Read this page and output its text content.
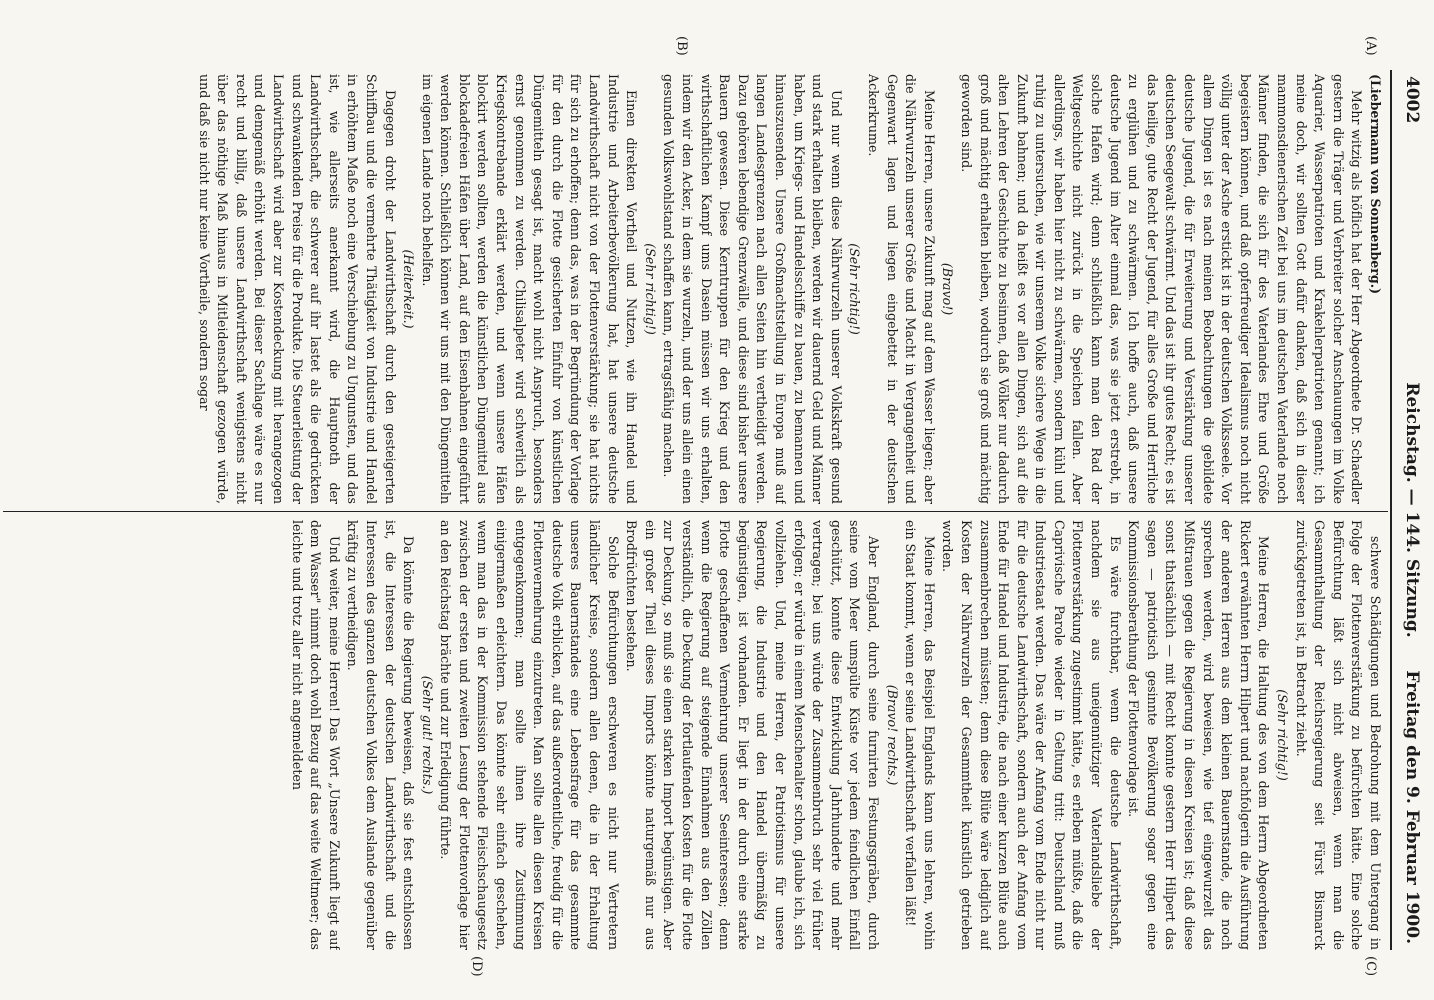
4002
Reichstag. — 144. Sitzung.
Freitag den 9. Februar 1900.
(A)
(B)
(C)
(D)

(Liebermann von Sonnenberg.)

Mehr witzig als höflich hat der Herr Abgeordnete Dr. Schaedler gestern die Träger und Verbreiter solcher Anschauungen im Volke Aquarier, Wasserpatrioten und Krakehlerpatrioten genannt; ich meine doch, wir sollten Gott dafür danken, daß sich in dieser mammonsdienerischen Zeit bei uns im deutschen Vaterlande noch Männer finden, die sich für des Vaterlandes Ehre und Größe begeistern können, und daß opferfreudiger Idealismus noch nicht völlig unter der Asche erstickt ist in der deutschen Volksseele. Vor allem Dingen ist es nach meinen Beobachtungen die gebildete deutsche Jugend, die für Erweiterung und Verstärkung unserer deutschen Seegewalt schwärmt. Und das ist ihr gutes Recht; es ist das heilige, gute Recht der Jugend, für alles Große und Herrliche zu erglühen und zu schwärmen. Ich hoffe auch, daß unsere deutsche Jugend im Alter einmal das, was sie jetzt erstrebt, in solche Hafen wird; denn schließlich kann man den Rad der Weltgeschichte nicht zurück in die Speichen fallen. Aber allerdings, wir haben hier nicht zu schwärmen, sondern kühl und ruhig zu untersuchen, wie wir unserem Volke sichere Wege in die Zukunft bahnen; und da heißt es vor allen Dingen, sich auf die alten Lehren der Geschichte zu besinnen, daß Völker nur dadurch groß und mächtig erhalten bleiben, wodurch sie groß und mächtig geworden sind.

(Bravo!)

Meine Herren, unsere Zukunft mag auf dem Wasser liegen; aber die Nährwurzeln unserer Größe und Macht in Vergangenheit und Gegenwart lagen und liegen eingebettet in der deutschen Ackerkrume.

(Sehr richtig!)

Und nur wenn diese Nährwurzeln unserer Volkskraft gesund und stark erhalten bleiben, werden wir dauernd Geld und Männer haben, um Kriegs- und Handelsschiffe zu bauen, zu bemannen und hinauszusenden. Unsere Großmachtstellung in Europa muß auf langen Landesgrenzen nach allen Seiten hin vertheidigt werden. Dazu gehören lebendige Grenzwälle, und diese sind bisher unsere Bauern gewesen. Diese Kerntruppen für den Krieg und den wirthschaftlichen Kampf ums Dasein müssen wir uns erhalten, indem wir den Acker, in dem sie wurzeln, und der uns allein einen gesunden Volkswohlstand schaffen kann, ertragsfähig machen.

(Sehr richtig!)

Einen direkten Vortheil und Nutzen, wie ihn Handel und Industrie und Arbeiterbevölkerung hat, hat unsere deutsche Landwirthschaft nicht von der Flottenverstärkung; sie hat nichts für sich zu erhoffen; denn das, was in der Begründung der Vorlage für den durch die Flotte gesicherten Einfuhr von künstlichen Düngemitteln gesagt ist, macht wohl nicht Anspruch, besonders ernst genommen zu werden. Chilisalpeter wird schwerlich als Kriegskontrebande erklärt werden, und wenn unsere Häfen blockirt werden sollten, werden die künstlichen Düngemittel aus blockadefreien Häfen über Land, auf den Eisenbahnen eingeführt werden können. Schließlich können wir uns mit den Düngemitteln im eigenen Lande noch behelfen.

(Heiterkeit.)

Dagegen droht der Landwirthschaft durch den gesteigerten Schiffbau und die vermehrte Thätigkeit von Industrie und Handel in erhöhtem Maße noch eine Verschiebung zu Ungunsten, und das ist, wie allerseits anerkannt wird, die Hauptnoth der Landwirthschaft, die schwerer auf ihr lastet als die gedrückten und schwankenden Preise für die Produkte. Die Steuerleistung der Landwirthschaft wird aber zur Kostendeckung mit herangezogen und demgemäß erhöht werden. Bei dieser Sachlage wäre es nur recht und billig, daß unsere Landwirthschaft wenigstens nicht über das nöthige Maß hinaus in Mitleidenschaft gezogen würde, und daß sie nicht nur keine Vortheile, sondern sogar

schwere Schädigungen und Bedrohung mit dem Untergang in Folge der Flottenverstärkung zu befürchten hätte. Eine solche Befürchtung läßt sich nicht abweisen, wenn man die Gesammthaltung der Reichsregierung seit Fürst Bismarck zurückgetreten ist, in Betracht zieht.

(Sehr richtig!)

Meine Herren, die Haltung des von dem Herrn Abgeordneten Rickert erwähnten Herrn Hilpert und nachfolgerin die Ausführung der anderen Herren aus dem kleinen Bauernstande, die noch sprechen werden, wird beweisen, wie tief eingewurzelt das Mißtrauen gegen die Regierung in diesen Kreisen ist; daß diese sonst thatsächlich — mit Recht konnte gestern Herr Hilpert das sagen — patriotisch gesinnte Bevölkerung sogar gegen eine Kommissionsberathung der Flottenvorlage ist.

Es wäre furchtbar, wenn die deutsche Landwirthschaft, nachdem sie aus uneigennütziger Vaterlandsliebe der Flottenverstärkung zugestimmt hätte, es erleben müßte, daß die Caprivische Parole wieder in Geltung tritt: Deutschland muß Industriestaat werden. Das wäre der Anfang vom Ende nicht nur für die deutsche Landwirthschaft, sondern auch der Anfang vom Ende für Handel und Industrie, die nach einer kurzen Blüte auch zusammenbrechen müssten; denn diese Blüte wäre lediglich auf Kosten der Nährwurzeln der Gesammtheit künstlich getrieben worden.

Meine Herren, das Beispiel Englands kann uns lehren, wohin ein Staat kommt, wenn er seine Landwirthschaft verfallen läßt!

(Bravo! rechts.)

Aber England, durch seine furnirten Festungsgräben, durch seine vom Meer umspülte Küste vor jedem feindlichen Einfall geschützt, konnte diese Entwicklung Jahrhunderte und mehr vertragen; bei uns würde der Zusammenbruch sehr viel früher erfolgen; er würde in einem Menschenalter schon, glaube ich, sich vollziehen. Und, meine Herren, der Patriotismus für unsere Regierung, die Industrie und den Handel übermäßig zu begünstigen, ist vorhanden. Er liegt in der durch eine starke Flotte geschaffenen Vermehrung unserer Seeinteressen; denn wenn die Regierung auf steigende Einnahmen aus den Zöllen verständlich, die Deckung der fortlaufenden Kosten für die Flotte zur Deckung, so muß sie einen starken Import begünstigen. Aber ein großer Theil dieses Imports könnte naturgemäß nur aus Brodfrüchten bestehen.

Solche Befürchtungen erschweren es nicht nur Vertretern ländlicher Kreise, sondern allen denen, die in der Erhaltung unseres Bauernstandes eine Lebensfrage für das gesammte deutsche Volk erblicken, auf das außerordentliche, freudig für die Flottenvermehrung einzutreten. Man sollte allen diesen Kreisen entgegenkommen; man sollte ihnen ihre Zustimmung einigermaßen erleichtern. Das könnte sehr einfach geschehen, wenn man das in der Kommission stehende Fleischschaugesetz zwischen der ersten und zweiten Lesung der Flottenvorlage hier an den Reichstag brächte und zur Erledigung führte.

(Sehr gut! rechts.)

Da könnte die Regierung beweisen, daß sie fest entschlossen ist, die Interessen der deutschen Landwirthschaft und die Interessen des ganzen deutschen Volkes dem Auslande gegenüber kräftig zu vertheidigen.

Und weiter, meine Herren! Das Wort „Unsere Zukunft liegt auf dem Wasser" nimmt doch wohl Bezug auf das weite Weltmeer; das leichte und trotz aller nicht angemeldeten
